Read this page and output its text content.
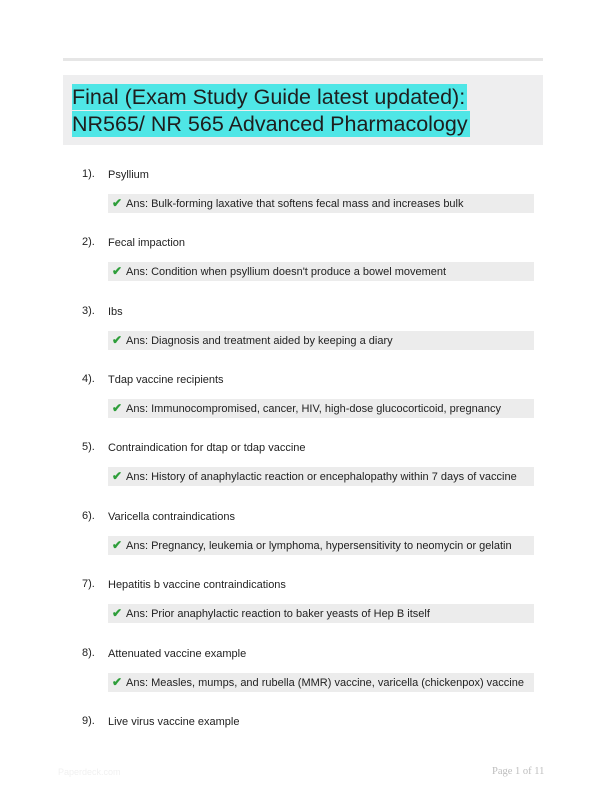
Final (Exam Study Guide latest updated): NR565/ NR 565 Advanced Pharmacology
1). Psyllium
✔ Ans: Bulk-forming laxative that softens fecal mass and increases bulk
2). Fecal impaction
✔ Ans: Condition when psyllium doesn't produce a bowel movement
3). Ibs
✔ Ans: Diagnosis and treatment aided by keeping a diary
4). Tdap vaccine recipients
✔ Ans: Immunocompromised, cancer, HIV, high-dose glucocorticoid, pregnancy
5). Contraindication for dtap or tdap vaccine
✔ Ans: History of anaphylactic reaction or encephalopathy within 7 days of vaccine
6). Varicella contraindications
✔ Ans: Pregnancy, leukemia or lymphoma, hypersensitivity to neomycin or gelatin
7). Hepatitis b vaccine contraindications
✔ Ans: Prior anaphylactic reaction to baker yeasts of Hep B itself
8). Attenuated vaccine example
✔ Ans: Measles, mumps, and rubella (MMR) vaccine, varicella (chickenpox) vaccine
9). Live virus vaccine example
Paperdeck.com	Page 1 of 11
